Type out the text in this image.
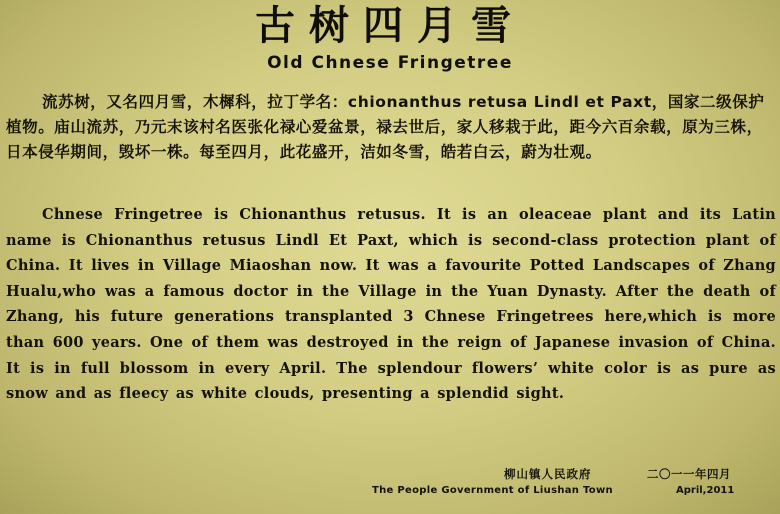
古树四月雪
Old Chnese Fringetree

流苏树，又名四月雪，木樨科，拉丁学名：chionanthus retusa Lindl et Paxt，国家二级保护植物。庙山流苏，乃元末该村名医张化禄心爱盆景，禄去世后，家人移栽于此，距今六百余载，原为三株，日本侵华期间，毁坏一株。每至四月，此花盛开，洁如冬雪，皓若白云，蔚为壮观。

Chnese Fringetree is Chionanthus retusus. It is an oleaceae plant and its Latin name is Chionanthus retusus Lindl Et Paxt, which is second-class protection plant of China. It lives in Village Miaoshan now. It was a favourite Potted Landscapes of Zhang Hualu,who was a famous doctor in the Village in the Yuan Dynasty. After the death of Zhang, his future generations transplanted 3 Chnese Fringetrees here,which is more than 600 years. One of them was destroyed in the reign of Japanese invasion of China. It is in full blossom in every April. The splendour flowers’ white color is as pure as snow and as fleecy as white clouds, presenting a splendid sight.

柳山镇人民政府	二〇一一年四月
The People Government of Liushan Town	April,2011
